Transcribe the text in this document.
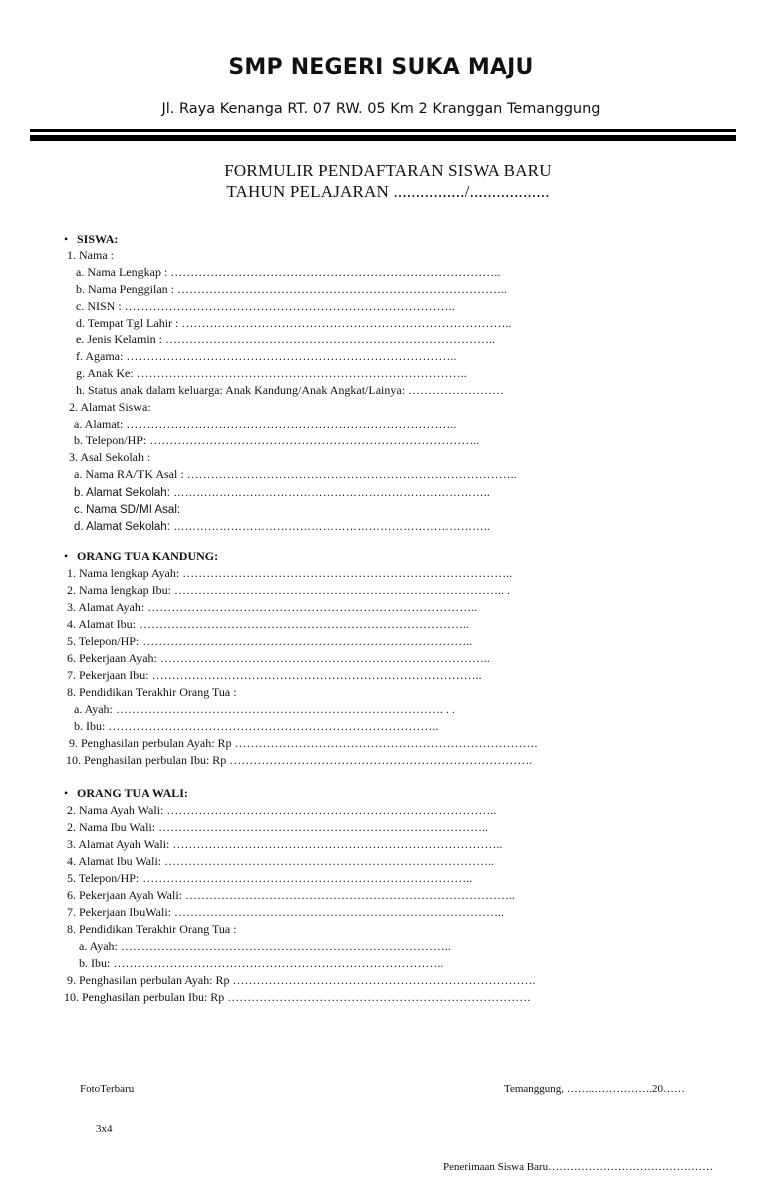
SMP NEGERI SUKA MAJU
Jl. Raya Kenanga RT. 07 RW. 05 Km 2 Kranggan Temanggung
FORMULIR PENDAFTARAN SISWA BARU
TAHUN PELAJARAN ................/..................
• SISWA:
1. Nama :
a. Nama Lengkap : ………………………………………………………………………..
b. Nama Penggilan : ………………………………………………………………………..
c. NISN : ………………………………………………………………………..
d. Tempat Tgl Lahir : ………………………………………………………………………..
e. Jenis Kelamin : ………………………………………………………………………..
f. Agama: ………………………………………………………………………..
g. Anak Ke: ………………………………………………………………………..
h. Status anak dalam keluarga: Anak Kandung/Anak Angkat/Lainya: ……………………
2. Alamat Siswa:
a. Alamat: ………………………………………………………………………..
b. Telepon/HP: ………………………………………………………………………..
3. Asal Sekolah :
a. Nama RA/TK Asal : ………………………………………………………………………..
b. Alamat Sekolah: ………………………………………………………………………..
c. Nama SD/MI Asal:
d. Alamat Sekolah: ………………………………………………………………………..
• ORANG TUA KANDUNG:
1. Nama lengkap Ayah: ………………………………………………………………………..
2. Nama lengkap Ibu: ……………………………………………………………………….. .
3. Alamat Ayah: ………………………………………………………………………..
4. Alamat Ibu: ………………………………………………………………………..
5. Telepon/HP: ………………………………………………………………………..
6. Pekerjaan Ayah: ………………………………………………………………………..
7. Pekerjaan Ibu: ………………………………………………………………………..
8. Pendidikan Terakhir Orang Tua :
a. Ayah: ………………………………………………………………………. . .
b. Ibu: ………………………………………………………………………..
9. Penghasilan perbulan Ayah: Rp ………………………………………………………………….
10. Penghasilan perbulan Ibu: Rp ………………………………………………………………….
• ORANG TUA WALI:
2. Nama Ayah Wali: ………………………………………………………………………..
2. Nama Ibu Wali: ………………………………………………………………………..
3. Alamat Ayah Wali: ………………………………………………………………………..
4. Alamat Ibu Wali: ………………………………………………………………………..
5. Telepon/HP: ………………………………………………………………………..
6. Pekerjaan Ayah Wali: ………………………………………………………………………..
7. Pekerjaan IbuWali: ………………………………………………………………………..
8. Pendidikan Terakhir Orang Tua :
a. Ayah: ………………………………………………………………………..
b. Ibu: ………………………………………………………………………..
9. Penghasilan perbulan Ayah: Rp ………………………………………………………………….
10. Penghasilan perbulan Ibu: Rp ………………………………………………………………….
FotoTerbaru
3x4
Temanggung, ……..…………….20……
Penerimaan Siswa Baru………………………………………
